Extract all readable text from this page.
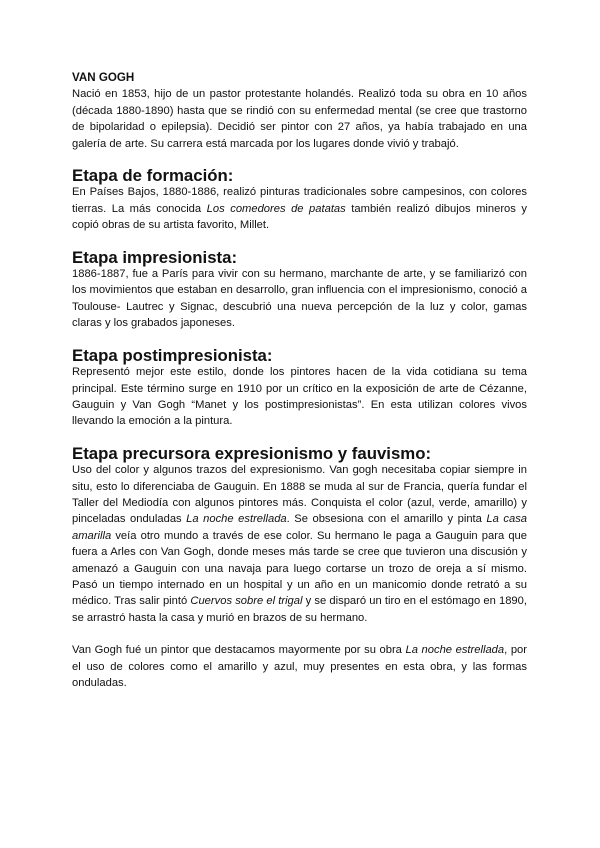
VAN GOGH

Nació en 1853, hijo de un pastor protestante holandés. Realizó toda su obra en 10 años (década 1880-1890) hasta que se rindió con su enfermedad mental (se cree que trastorno de bipolaridad o epilepsia). Decidió ser pintor con 27 años, ya había trabajado en una galería de arte. Su carrera está marcada por los lugares donde vivió y trabajó.

Etapa de formación:

En Países Bajos, 1880-1886, realizó pinturas tradicionales sobre campesinos, con colores tierras. La más conocida Los comedores de patatas también realizó dibujos mineros y copió obras de su artista favorito, Millet.

Etapa impresionista:

1886-1887, fue a París para vivir con su hermano, marchante de arte, y se familiarizó con los movimientos que estaban en desarrollo, gran influencia con el impresionismo, conoció a Toulouse- Lautrec y Signac, descubrió una nueva percepción de la luz y color, gamas claras y los grabados japoneses.

Etapa postimpresionista:

Representó mejor este estilo, donde los pintores hacen de la vida cotidiana su tema principal. Este término surge en 1910 por un crítico en la exposición de arte de Cézanne, Gauguin y Van Gogh “Manet y los postimpresionistas”. En esta utilizan colores vivos llevando la emoción a la pintura.

Etapa precursora expresionismo y fauvismo:

Uso del color y algunos trazos del expresionismo. Van gogh necesitaba copiar siempre in situ, esto lo diferenciaba de Gauguin. En 1888 se muda al sur de Francia, quería fundar el Taller del Mediodía con algunos pintores más. Conquista el color (azul, verde, amarillo) y pinceladas onduladas La noche estrellada. Se obsesiona con el amarillo y pinta La casa amarilla veía otro mundo a través de ese color. Su hermano le paga a Gauguin para que fuera a Arles con Van Gogh, donde meses más tarde se cree que tuvieron una discusión y amenazó a Gauguin con una navaja para luego cortarse un trozo de oreja a sí mismo. Pasó un tiempo internado en un hospital y un año en un manicomio donde retrató a su médico. Tras salir pintó Cuervos sobre el trigal y se disparó un tiro en el estómago en 1890, se arrastró hasta la casa y murió en brazos de su hermano.

Van Gogh fué un pintor que destacamos mayormente por su obra La noche estrellada, por el uso de colores como el amarillo y azul, muy presentes en esta obra, y las formas onduladas.
